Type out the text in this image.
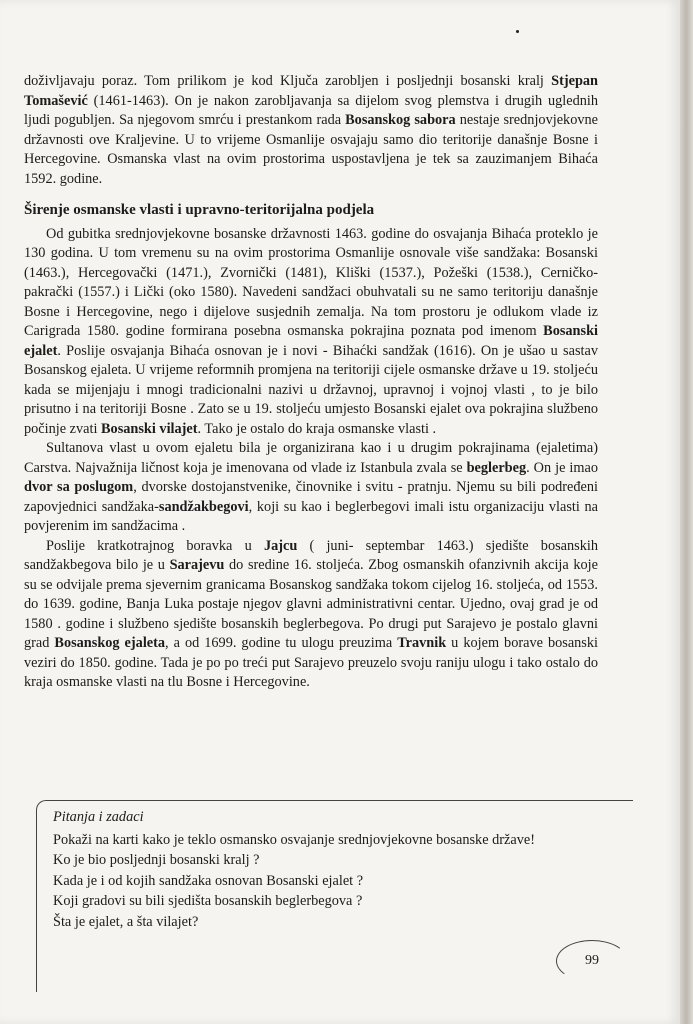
doživljavaju poraz. Tom prilikom je kod Ključa zarobljen i posljednji bosanski kralj Stjepan Tomašević (1461-1463). On je nakon zarobljavanja sa dijelom svog plemstva i drugih uglednih ljudi pogubljen. Sa njegovom smrću i prestankom rada Bosanskog sabora nestaje srednjovjekovne državnosti ove Kraljevine. U to vrijeme Osmanlije osvajaju samo dio teritorije današnje Bosne i Hercegovine. Osmanska vlast na ovim prostorima uspostavljena je tek sa zauzimanjem Bihaća 1592. godine.

Širenje osmanske vlasti i upravno-teritorijalna podjela

Od gubitka srednjovjekovne bosanske državnosti 1463. godine do osvajanja Bihaća proteklo je 130 godina. U tom vremenu su na ovim prostorima Osmanlije osnovale više sandžaka: Bosanski (1463.), Hercegovački (1471.), Zvornički (1481), Kliški (1537.), Požeški (1538.), Cerničko-pakrački (1557.) i Lički (oko 1580). Navedeni sandžaci obuhvatali su ne samo teritoriju današnje Bosne i Hercegovine, nego i dijelove susjednih zemalja. Na tom prostoru je odlukom vlade iz Carigrada 1580. godine formirana posebna osmanska pokrajina poznata pod imenom Bosanski ejalet. Poslije osvajanja Bihaća osnovan je i novi - Bihaćki sandžak (1616). On je ušao u sastav Bosanskog ejaleta. U vrijeme reformnih promjena na teritoriji cijele osmanske države u 19. stoljeću kada se mijenjaju i mnogi tradicionalni nazivi u državnoj, upravnoj i vojnoj vlasti , to je bilo prisutno i na teritoriji Bosne . Zato se u 19. stoljeću umjesto Bosanski ejalet ova pokrajina službeno počinje zvati Bosanski vilajet. Tako je ostalo do kraja osmanske vlasti .

Sultanova vlast u ovom ejaletu bila je organizirana kao i u drugim pokrajinama (ejaletima) Carstva. Najvažnija ličnost koja je imenovana od vlade iz Istanbula zvala se beglerbeg. On je imao dvor sa poslugom, dvorske dostojanstvenike, činovnike i svitu - pratnju. Njemu su bili podređeni zapovjednici sandžaka-sandžakbegovi, koji su kao i beglerbegovi imali istu organizaciju vlasti na povjerenim im sandžacima .

Poslije kratkotrajnog boravka u Jajcu ( juni- septembar 1463.) sjedište bosanskih sandžakbegova bilo je u Sarajevu do sredine 16. stoljeća. Zbog osmanskih ofanzivnih akcija koje su se odvijale prema sjevernim granicama Bosanskog sandžaka tokom cijelog 16. stoljeća, od 1553. do 1639. godine, Banja Luka postaje njegov glavni administrativni centar. Ujedno, ovaj grad je od 1580 . godine i službeno sjedište bosanskih beglerbegova. Po drugi put Sarajevo je postalo glavni grad Bosanskog ejaleta, a od 1699. godine tu ulogu preuzima Travnik u kojem borave bosanski veziri do 1850. godine. Tada je po po treći put Sarajevo preuzelo svoju raniju ulogu i tako ostalo do kraja osmanske vlasti na tlu Bosne i Hercegovine.

Pitanja i zadaci
Pokaži na karti kako je teklo osmansko osvajanje srednjovjekovne bosanske države!
Ko je bio posljednji bosanski kralj ?
Kada je i od kojih sandžaka osnovan Bosanski ejalet ?
Koji gradovi su bili sjedišta bosanskih beglerbegova ?
Šta je ejalet, a šta vilajet?
99
